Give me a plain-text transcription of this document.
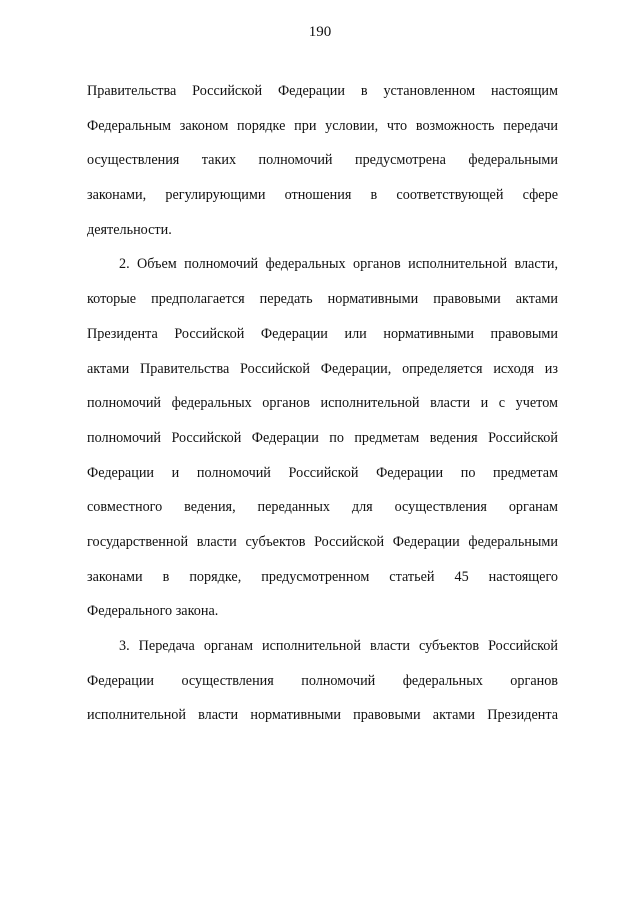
190
Правительства Российской Федерации в установленном настоящим
Федеральным законом порядке при условии, что возможность передачи
осуществления таких полномочий предусмотрена федеральными
законами, регулирующими отношения в соответствующей сфере
деятельности.
2. Объем полномочий федеральных органов исполнительной власти,
которые предполагается передать нормативными правовыми актами
Президента Российской Федерации или нормативными правовыми
актами Правительства Российской Федерации, определяется исходя из
полномочий федеральных органов исполнительной власти и с учетом
полномочий Российской Федерации по предметам ведения Российской
Федерации и полномочий Российской Федерации по предметам
совместного ведения, переданных для осуществления органам
государственной власти субъектов Российской Федерации федеральными
законами в порядке, предусмотренном статьей 45 настоящего
Федерального закона.
3. Передача органам исполнительной власти субъектов Российской
Федерации осуществления полномочий федеральных органов
исполнительной власти нормативными правовыми актами Президента
